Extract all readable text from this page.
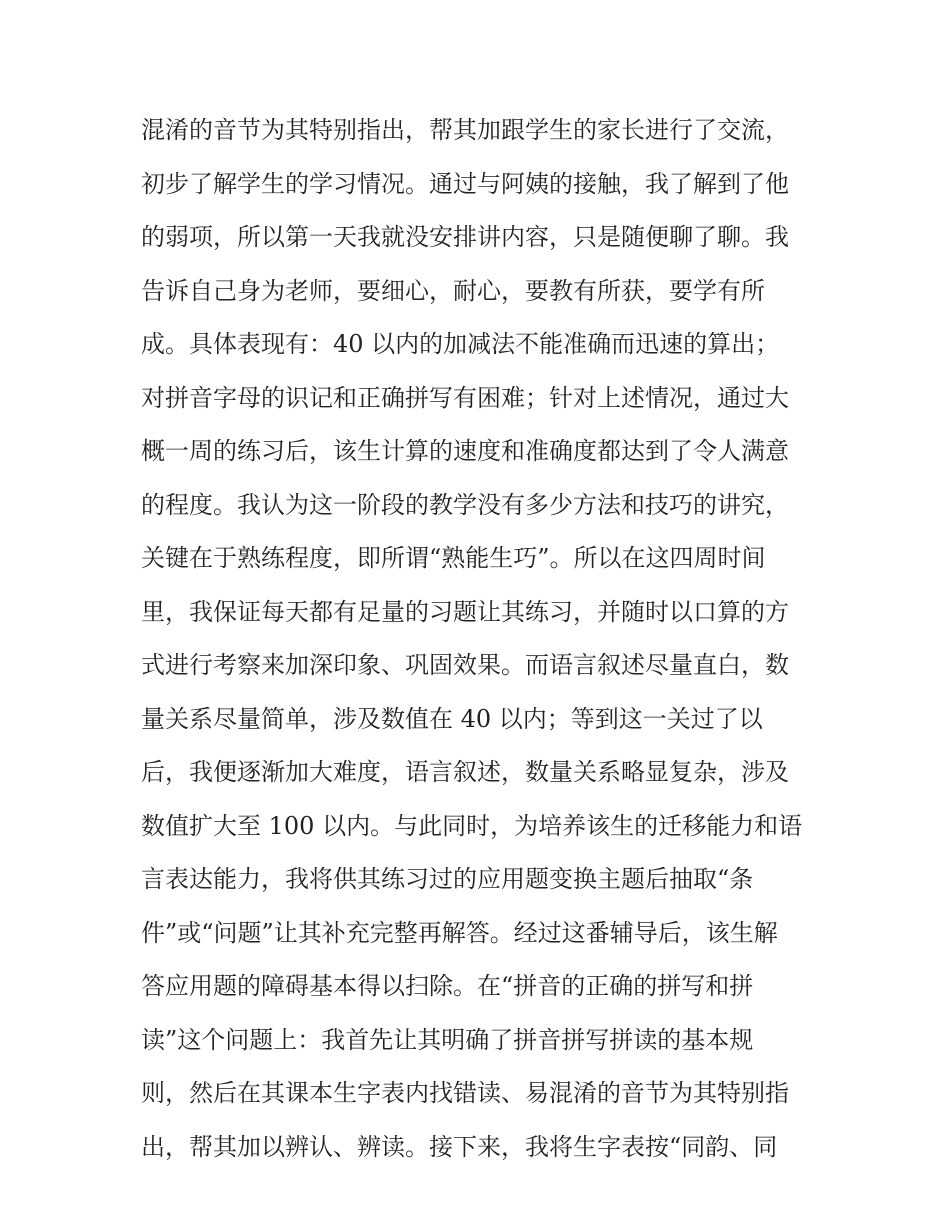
混淆的音节为其特别指出，帮其加跟学生的家长进行了交流，
初步了解学生的学习情况。通过与阿姨的接触，我了解到了他
的弱项，所以第一天我就没安排讲内容，只是随便聊了聊。我
告诉自己身为老师，要细心，耐心，要教有所获，要学有所
成。具体表现有：40 以内的加减法不能准确而迅速的算出；
对拼音字母的识记和正确拼写有困难；针对上述情况，通过大
概一周的练习后，该生计算的速度和准确度都达到了令人满意
的程度。我认为这一阶段的教学没有多少方法和技巧的讲究，
关键在于熟练程度，即所谓“熟能生巧”。所以在这四周时间
里，我保证每天都有足量的习题让其练习，并随时以口算的方
式进行考察来加深印象、巩固效果。而语言叙述尽量直白，数
量关系尽量简单，涉及数值在 40 以内；等到这一关过了以
后，我便逐渐加大难度，语言叙述，数量关系略显复杂，涉及
数值扩大至 100 以内。与此同时，为培养该生的迁移能力和语
言表达能力，我将供其练习过的应用题变换主题后抽取“条
件”或“问题”让其补充完整再解答。经过这番辅导后，该生解
答应用题的障碍基本得以扫除。在“拼音的正确的拼写和拼
读”这个问题上：我首先让其明确了拼音拼写拼读的基本规
则，然后在其课本生字表内找错读、易混淆的音节为其特别指
出，帮其加以辨认、辨读。接下来，我将生字表按“同韵、同
